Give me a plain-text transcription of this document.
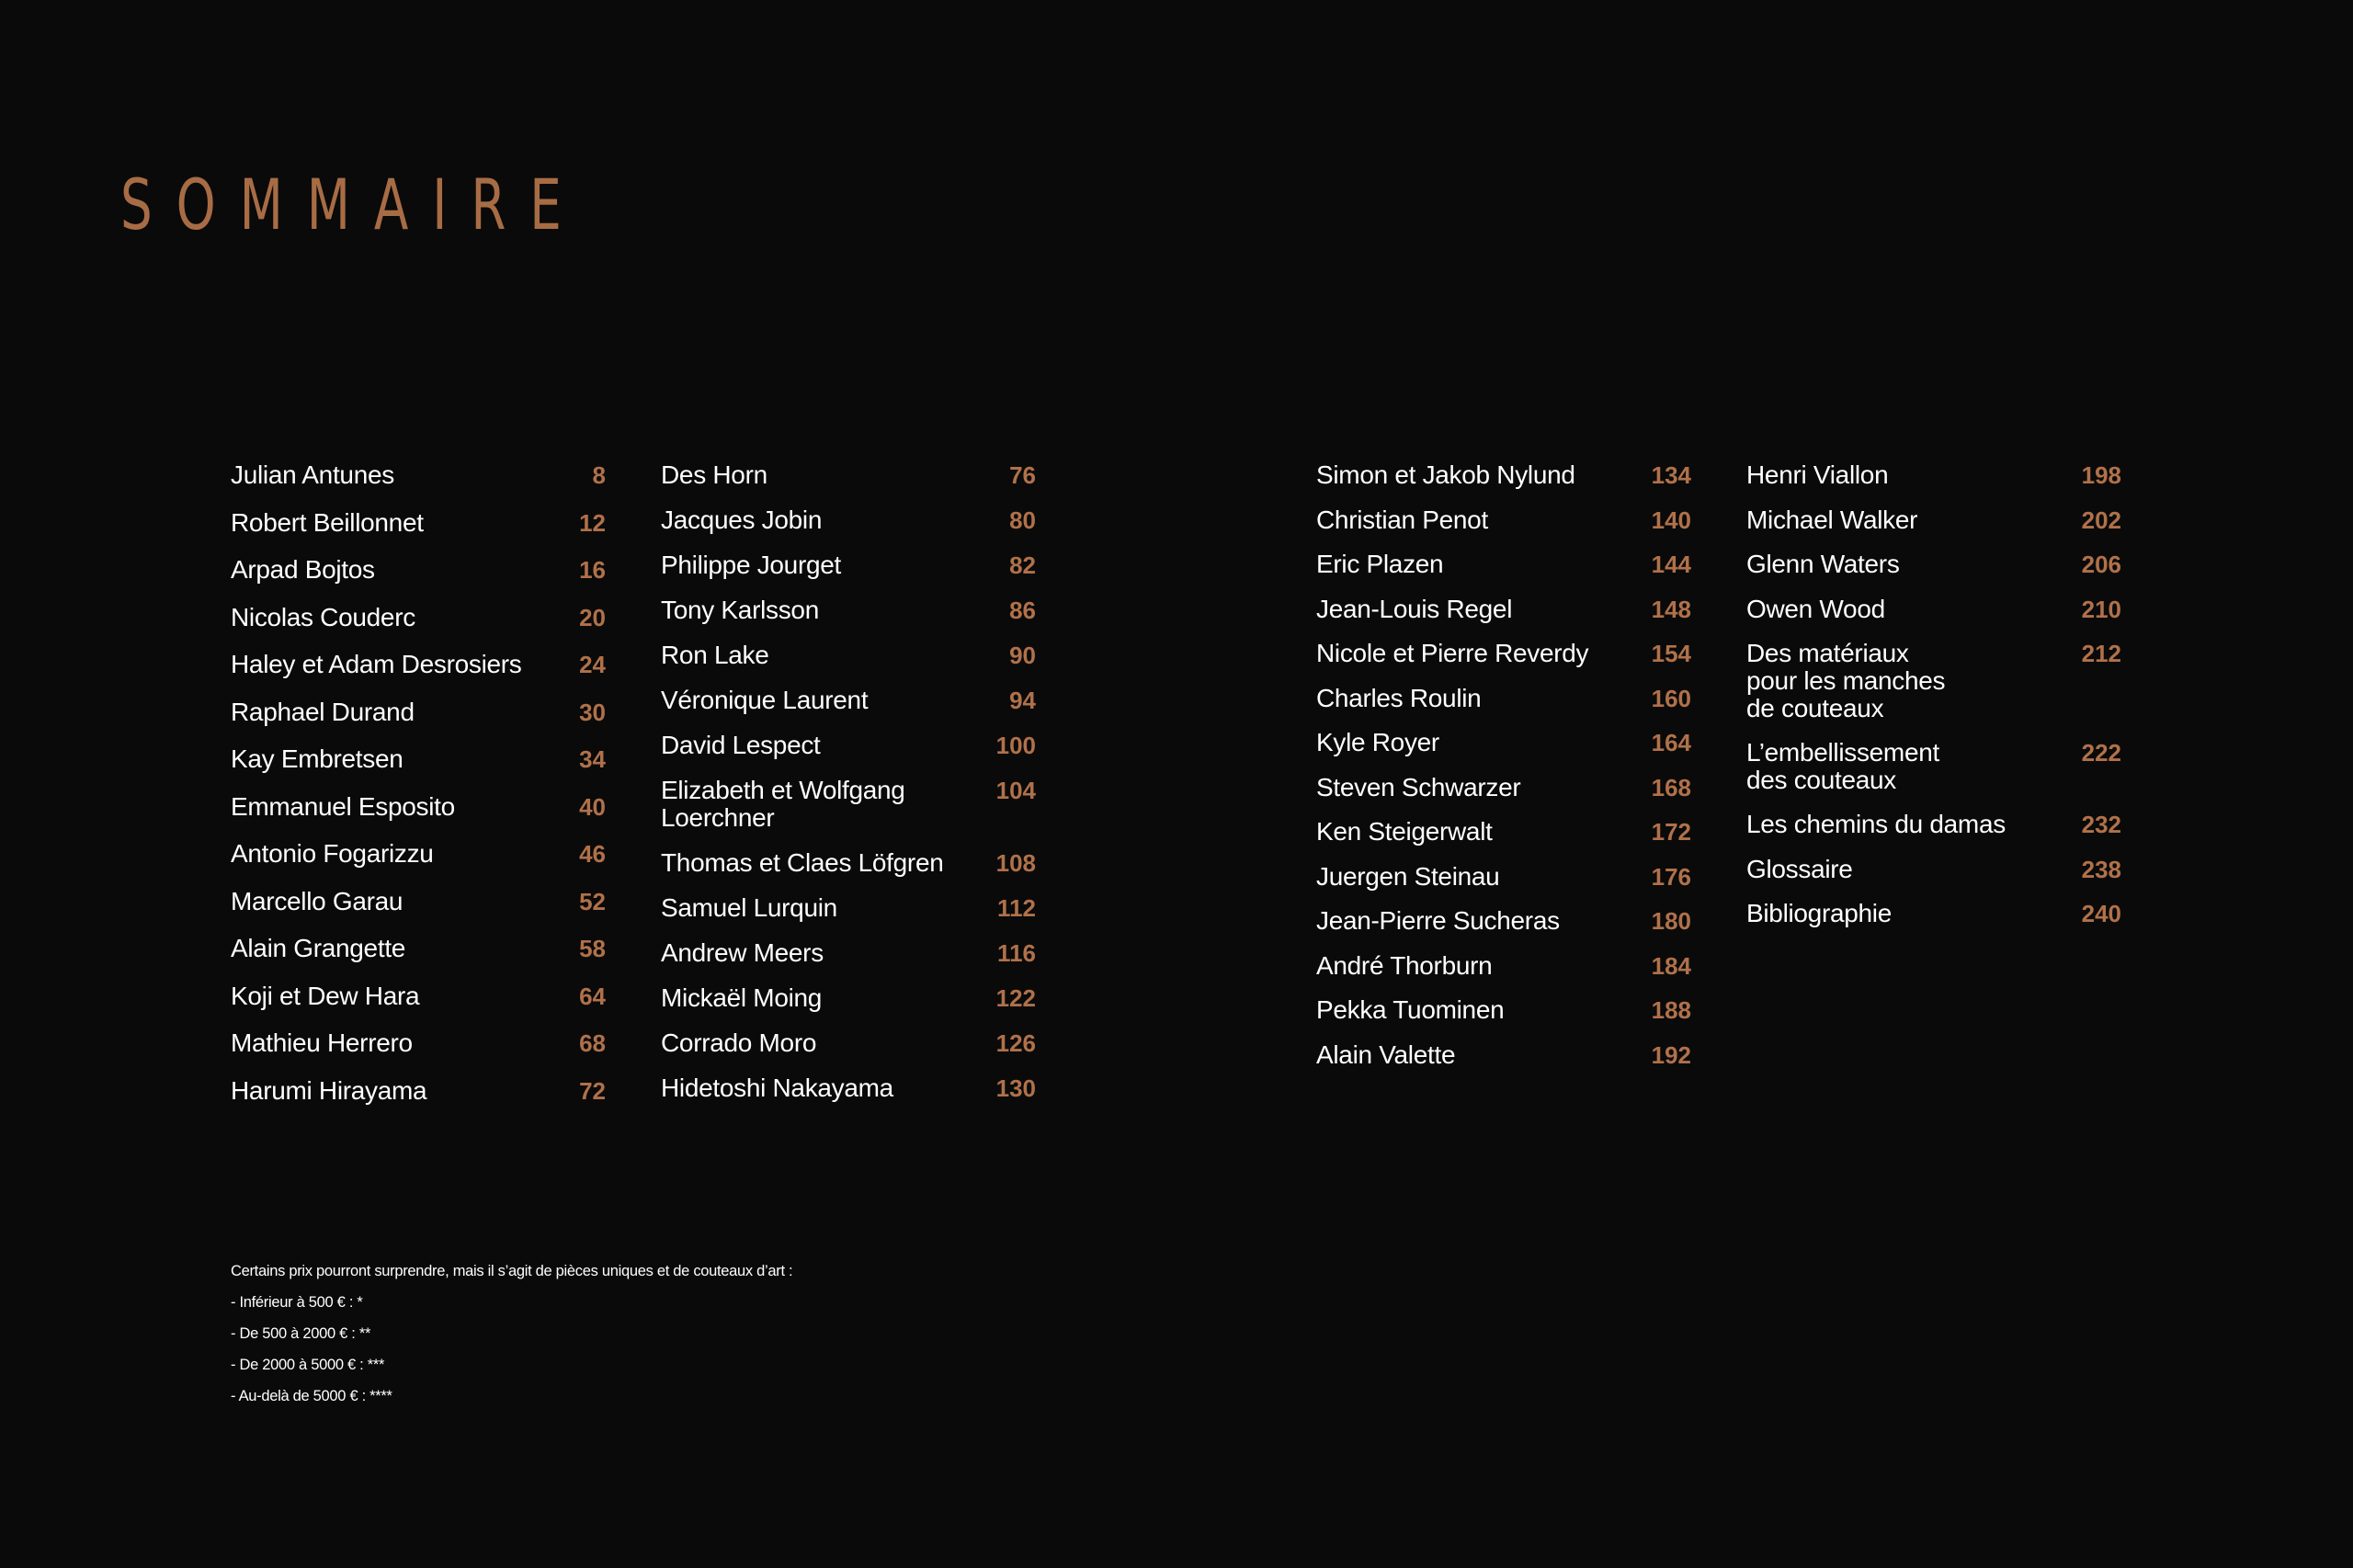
SOMMAIRE
Julian Antunes	8
Robert Beillonnet	12
Arpad Bojtos	16
Nicolas Couderc	20
Haley et Adam Desrosiers 24
Raphael Durand	30
Kay Embretsen	34
Emmanuel Esposito	40
Antonio Fogarizzu	46
Marcello Garau	52
Alain Grangette	58
Koji et Dew Hara	64
Mathieu Herrero	68
Harumi Hirayama	72
Des Horn	76
Jacques Jobin	80
Philippe Jourget	82
Tony Karlsson	86
Ron Lake	90
Véronique Laurent	94
David Lespect	100
Elizabeth et Wolfgang
Loerchner
104
Thomas et Claes Löfgren 108
Samuel Lurquin	112
Andrew Meers	116
Mickaël Moing	122
Corrado Moro	126
Hidetoshi Nakayama	130
Simon et Jakob Nylund	134
Christian Penot	140
Eric Plazen	144
Jean-Louis Regel	148
Nicole et Pierre Reverdy	154
Charles Roulin	160
Kyle Royer	164
Steven Schwarzer	168
Ken Steigerwalt	172
Juergen Steinau	176
Jean-Pierre Sucheras	180
André Thorburn	184
Pekka Tuominen	188
Alain Valette	192
Henri Viallon	198
Michael Walker	202
Glenn Waters	206
Owen Wood	210
Des matériaux
pour les manches
de couteaux
212
L’embellissement
des couteaux
222
Les chemins du damas	232
Glossaire	238
Bibliographie	240
Certains prix pourront surprendre, mais il s’agit de pièces uniques et de couteaux d’art :
- Inférieur à 500 € : *
- De 500 à 2000 € : **
- De 2000 à 5000 € : ***
- Au-delà de 5000 € : ****
